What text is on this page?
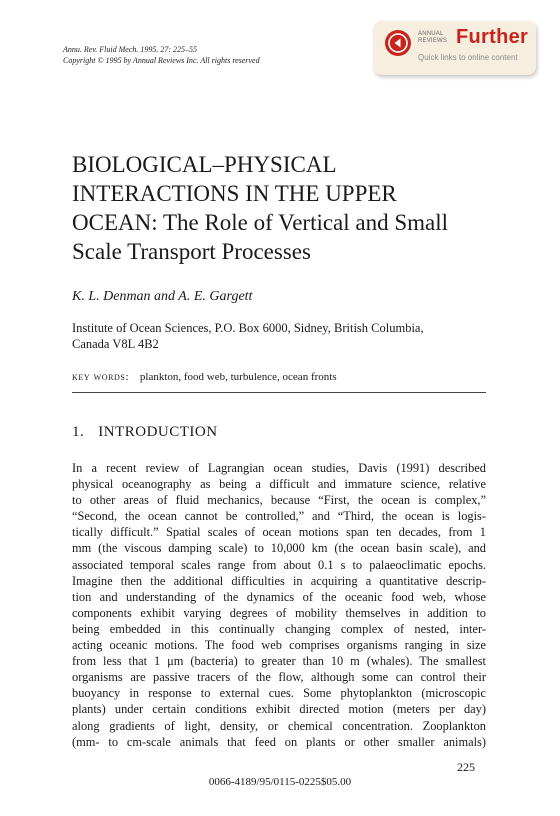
Annu. Rev. Fluid Mech. 1995. 27: 225–55
Copyright © 1995 by Annual Reviews Inc. All rights reserved
ANNUAL
REVIEWS Further
Quick links to online content
BIOLOGICAL–PHYSICAL
INTERACTIONS IN THE UPPER
OCEAN: The Role of Vertical and Small
Scale Transport Processes

K. L. Denman and A. E. Gargett

Institute of Ocean Sciences, P.O. Box 6000, Sidney, British Columbia,
Canada V8L 4B2
key words: plankton, food web, turbulence, ocean fronts
1. INTRODUCTION
In a recent review of Lagrangian ocean studies, Davis (1991) described
physical oceanography as being a difficult and immature science, relative
to other areas of fluid mechanics, because “First, the ocean is complex,”
“Second, the ocean cannot be controlled,” and “Third, the ocean is logis-
tically difficult.” Spatial scales of ocean motions span ten decades, from 1
mm (the viscous damping scale) to 10,000 km (the ocean basin scale), and
associated temporal scales range from about 0.1 s to palaeoclimatic epochs.
Imagine then the additional difficulties in acquiring a quantitative descrip-
tion and understanding of the dynamics of the oceanic food web, whose
components exhibit varying degrees of mobility themselves in addition to
being embedded in this continually changing complex of nested, inter-
acting oceanic motions. The food web comprises organisms ranging in size
from less that 1 μm (bacteria) to greater than 10 m (whales). The smallest
organisms are passive tracers of the flow, although some can control their
buoyancy in response to external cues. Some phytoplankton (microscopic
plants) under certain conditions exhibit directed motion (meters per day)
along gradients of light, density, or chemical concentration. Zooplankton
(mm- to cm-scale animals that feed on plants or other smaller animals)
225
0066-4189/95/0115-0225$05.00
